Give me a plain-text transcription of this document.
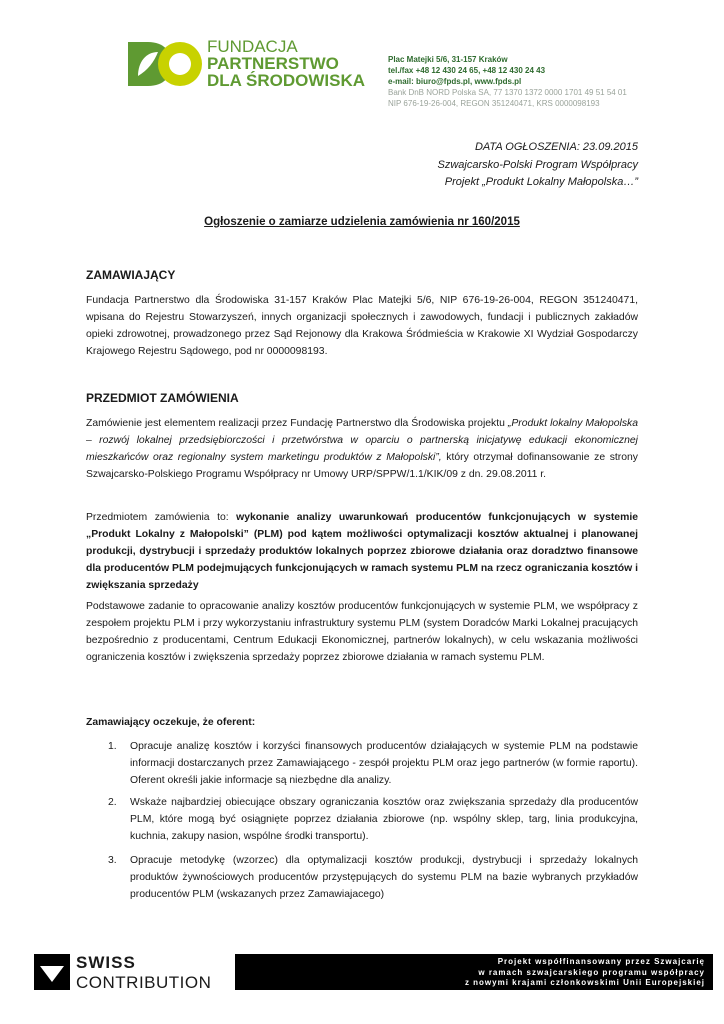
FUNDACJA
PARTNERSTWO
DLA ŚRODOWISKA
Plac Matejki 5/6, 31-157 Kraków
tel./fax +48 12 430 24 65, +48 12 430 24 43
e-mail: biuro@fpds.pl, www.fpds.pl
Bank DnB NORD Polska SA, 77 1370 1372 0000 1701 49 51 54 01
NIP 676-19-26-004, REGON 351240471, KRS 0000098193
DATA OGŁOSZENIA: 23.09.2015
Szwajcarsko-Polski Program Współpracy
Projekt „Produkt Lokalny Małopolska…”
Ogłoszenie o zamiarze udzielenia zamówienia nr 160/2015
ZAMAWIAJĄCY
Fundacja Partnerstwo dla Środowiska 31-157 Kraków Plac Matejki 5/6, NIP 676-19-26-004, REGON 351240471, wpisana do Rejestru Stowarzyszeń, innych organizacji społecznych i zawodowych, fundacji i publicznych zakładów opieki zdrowotnej, prowadzonego przez Sąd Rejonowy dla Krakowa Śródmieścia w Krakowie XI Wydział Gospodarczy Krajowego Rejestru Sądowego, pod nr 0000098193.
PRZEDMIOT ZAMÓWIENIA
Zamówienie jest elementem realizacji przez Fundację Partnerstwo dla Środowiska projektu „Produkt lokalny Małopolska – rozwój lokalnej przedsiębiorczości i przetwórstwa w oparciu o partnerską inicjatywę edukacji ekonomicznej mieszkańców oraz regionalny system marketingu produktów z Małopolski”, który otrzymał dofinansowanie ze strony Szwajcarsko-Polskiego Programu Współpracy nr Umowy URP/SPPW/1.1/KIK/09 z dn. 29.08.2011 r.
Przedmiotem zamówienia to: wykonanie analizy uwarunkowań producentów funkcjonujących w systemie „Produkt Lokalny z Małopolski” (PLM) pod kątem możliwości optymalizacji kosztów aktualnej i planowanej produkcji, dystrybucji i sprzedaży produktów lokalnych poprzez zbiorowe działania oraz doradztwo finansowe dla producentów PLM podejmujących funkcjonujących w ramach systemu PLM na rzecz ograniczania kosztów i zwiększania sprzedaży
Podstawowe zadanie to opracowanie analizy kosztów producentów funkcjonujących w systemie PLM, we współpracy z zespołem projektu PLM i przy wykorzystaniu infrastruktury systemu PLM (system Doradców Marki Lokalnej pracujących bezpośrednio z producentami, Centrum Edukacji Ekonomicznej, partnerów lokalnych), w celu wskazania możliwości ograniczenia kosztów i zwiększenia sprzedaży poprzez zbiorowe działania w ramach systemu PLM.
Zamawiający oczekuje, że oferent:
1. Opracuje analizę kosztów i korzyści finansowych producentów działających w systemie PLM na podstawie informacji dostarczanych przez Zamawiającego - zespół projektu PLM oraz jego partnerów (w formie raportu). Oferent określi jakie informacje są niezbędne dla analizy.
2. Wskaże najbardziej obiecujące obszary ograniczania kosztów oraz zwiększania sprzedaży dla producentów PLM, które mogą być osiągnięte poprzez działania zbiorowe (np. wspólny sklep, targ, linia produkcyjna, kuchnia, zakupy nasion, wspólne środki transportu).
3. Opracuje metodykę (wzorzec) dla optymalizacji kosztów produkcji, dystrybucji i sprzedaży lokalnych produktów żywnościowych producentów przystępujących do systemu PLM na bazie wybranych przykładów producentów PLM (wskazanych przez Zamawiajacego)
SWISS
CONTRIBUTION
Projekt współfinansowany przez Szwajcarię
w ramach szwajcarskiego programu współpracy
z nowymi krajami członkowskimi Unii Europejskiej
